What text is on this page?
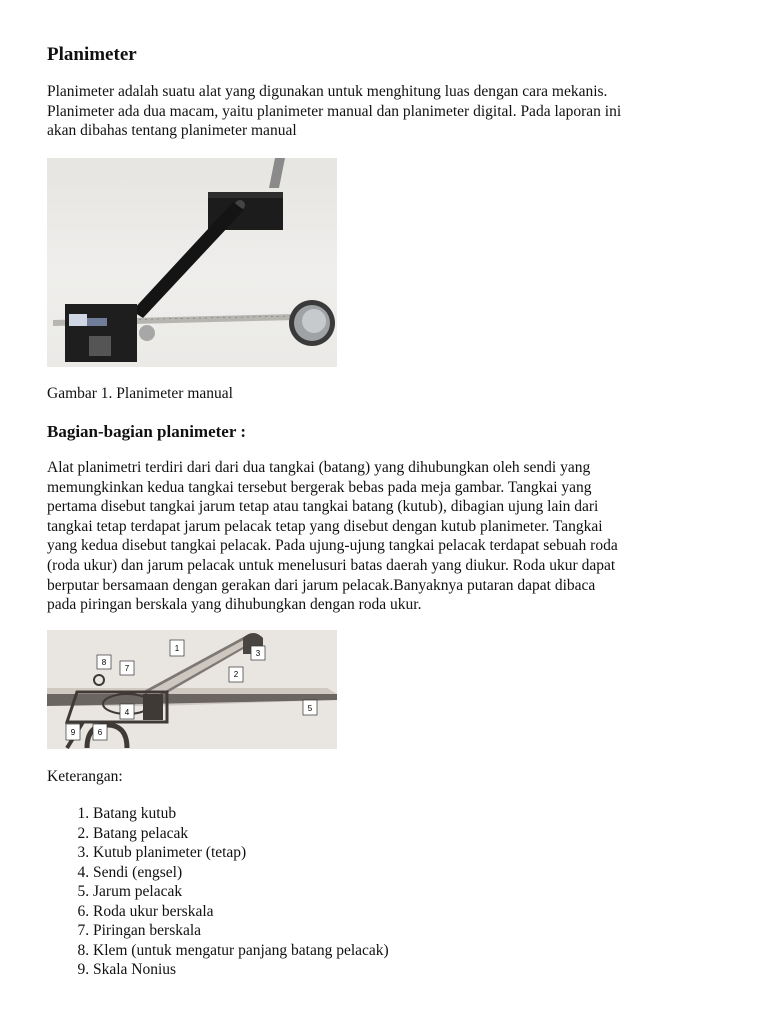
Planimeter

Planimeter adalah suatu alat yang digunakan untuk menghitung luas dengan cara mekanis.
Planimeter ada dua macam, yaitu planimeter manual dan planimeter digital. Pada laporan ini
akan dibahas tentang planimeter manual

Gambar 1. Planimeter manual

Bagian-bagian planimeter :

Alat planimetri terdiri dari dari dua tangkai (batang) yang dihubungkan oleh sendi yang
memungkinkan kedua tangkai tersebut bergerak bebas pada meja gambar. Tangkai yang
pertama disebut tangkai jarum tetap atau tangkai batang (kutub), dibagian ujung lain dari
tangkai tetap terdapat jarum pelacak tetap yang disebut dengan kutub planimeter. Tangkai
yang kedua disebut tangkai pelacak. Pada ujung-ujung tangkai pelacak terdapat sebuah roda
(roda ukur) dan jarum pelacak untuk menelusuri batas daerah yang diukur. Roda ukur dapat
berputar bersamaan dengan gerakan dari jarum pelacak.Banyaknya putaran dapat dibaca
pada piringan berskala yang dihubungkan dengan roda ukur.

1
3
2
8
7
4	5
9	6

Keterangan:

1. Batang kutub
2. Batang pelacak
3. Kutub planimeter (tetap)
4. Sendi (engsel)
5. Jarum pelacak
6. Roda ukur berskala
7. Piringan berskala
8. Klem (untuk mengatur panjang batang pelacak)
9. Skala Nonius
